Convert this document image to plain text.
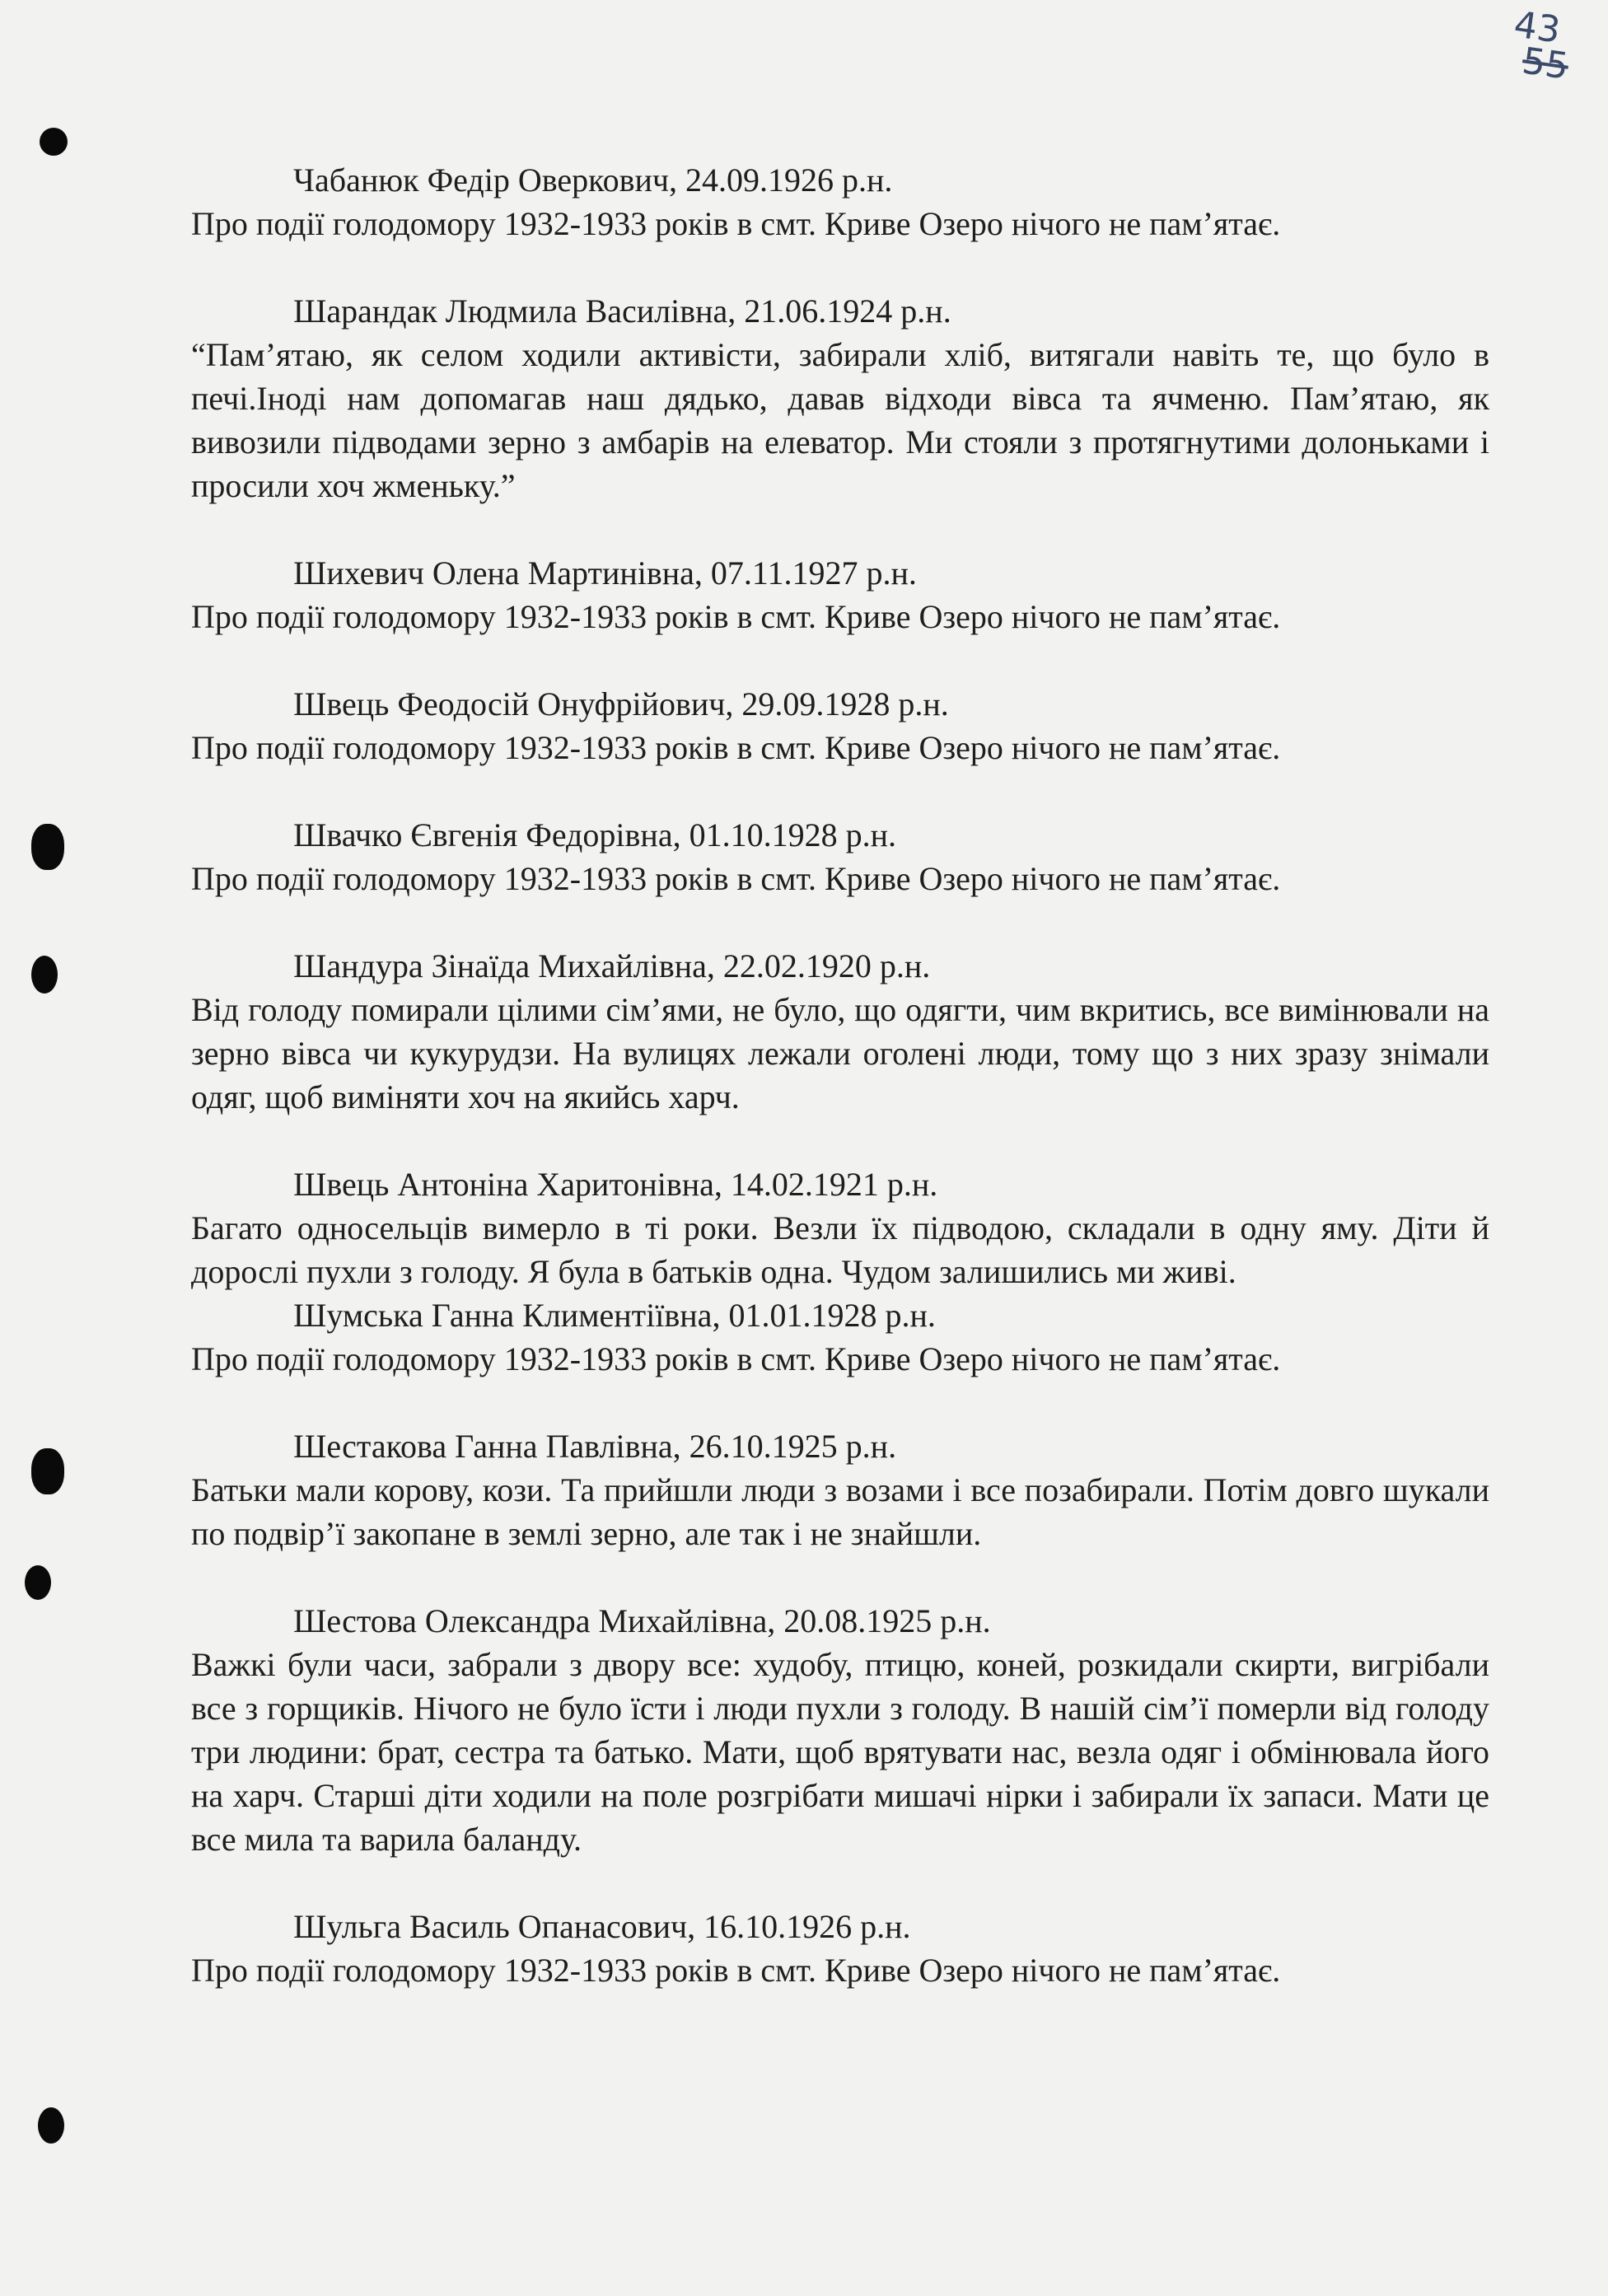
43
55
Чабанюк Федір Оверкович, 24.09.1926 р.н.
Про події голодомору 1932-1933 років в смт. Криве Озеро нічого не пам’ятає.
Шарандак Людмила Василівна, 21.06.1924 р.н.
“Пам’ятаю, як селом ходили активісти, забирали хліб, витягали навіть те, що було в печі.Іноді нам допомагав наш дядько, давав відходи вівса та ячменю. Пам’ятаю, як вивозили підводами зерно з амбарів на елеватор. Ми стояли з протягнутими долоньками і просили хоч жменьку.”
Шихевич Олена Мартинівна, 07.11.1927 р.н.
Про події голодомору 1932-1933 років в смт. Криве Озеро нічого не пам’ятає.
Швець Феодосій Онуфрійович, 29.09.1928 р.н.
Про події голодомору 1932-1933 років в смт. Криве Озеро нічого не пам’ятає.
Швачко Євгенія Федорівна, 01.10.1928 р.н.
Про події голодомору 1932-1933 років в смт. Криве Озеро нічого не пам’ятає.
Шандура Зінаїда Михайлівна, 22.02.1920 р.н.
Від голоду помирали цілими сім’ями, не було, що одягти, чим вкритись, все вимінювали на зерно вівса чи кукурудзи. На вулицях лежали оголені люди, тому що з них зразу знімали одяг, щоб виміняти хоч на якийсь харч.
Швець Антоніна Харитонівна, 14.02.1921 р.н.
Багато односельців вимерло в ті роки. Везли їх підводою, складали в одну яму. Діти й дорослі пухли з голоду. Я була в батьків одна. Чудом залишились ми живі.
Шумська Ганна Климентіївна, 01.01.1928 р.н.
Про події голодомору 1932-1933 років в смт. Криве Озеро нічого не пам’ятає.
Шестакова Ганна Павлівна, 26.10.1925 р.н.
Батьки мали корову, кози. Та прийшли люди з возами і все позабирали. Потім довго шукали по подвір’ї закопане в землі зерно, але так і не знайшли.
Шестова Олександра Михайлівна, 20.08.1925 р.н.
Важкі були часи, забрали з двору все: худобу, птицю, коней, розкидали скирти, вигрібали все з горщиків. Нічого не було їсти і люди пухли з голоду. В нашій сім’ї померли від голоду три людини: брат, сестра та батько. Мати, щоб врятувати нас, везла одяг і обмінювала його на харч. Старші діти ходили на поле розгрібати мишачі нірки і забирали їх запаси. Мати це все мила та варила баланду.
Шульга Василь Опанасович, 16.10.1926 р.н.
Про події голодомору 1932-1933 років в смт. Криве Озеро нічого не пам’ятає.
